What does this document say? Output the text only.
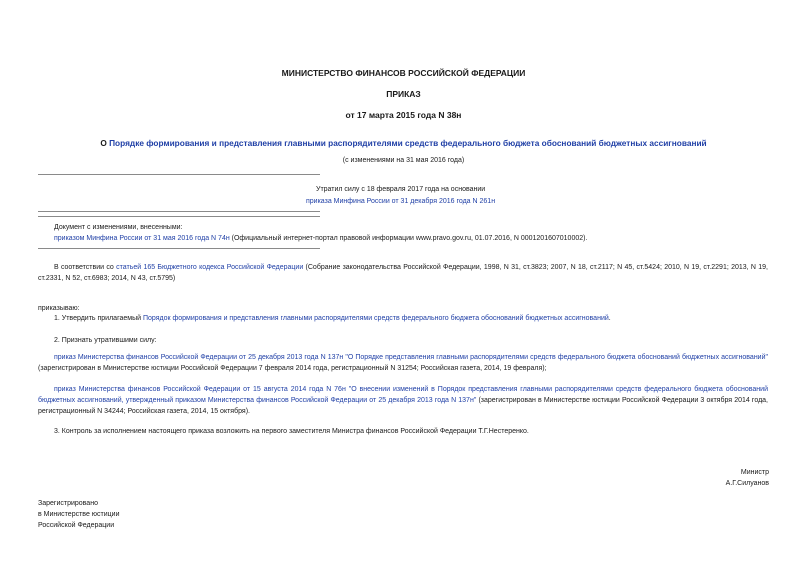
МИНИСТЕРСТВО ФИНАНСОВ РОССИЙСКОЙ ФЕДЕРАЦИИ
ПРИКАЗ
от 17 марта 2015 года N 38н
О Порядке формирования и представления главными распорядителями средств федерального бюджета обоснований бюджетных ассигнований
(с изменениями на 31 мая 2016 года)
Утратил силу с 18 февраля 2017 года на основании
приказа Минфина России от 31 декабря 2016 года N 261н
Документ с изменениями, внесенными:
приказом Минфина России от 31 мая 2016 года N 74н (Официальный интернет-портал правовой информации www.pravo.gov.ru, 01.07.2016, N 0001201607010002).
В соответствии со статьей 165 Бюджетного кодекса Российской Федерации (Собрание законодательства Российской Федерации, 1998, N 31, ст.3823; 2007, N 18, ст.2117; N 45, ст.5424; 2010, N 19, ст.2291; 2013, N 19, ст.2331, N 52, ст.6983; 2014, N 43, ст.5795)
приказываю:
1. Утвердить прилагаемый Порядок формирования и представления главными распорядителями средств федерального бюджета обоснований бюджетных ассигнований.
2. Признать утратившими силу:
приказ Министерства финансов Российской Федерации от 25 декабря 2013 года N 137н "О Порядке представления главными распорядителями средств федерального бюджета обоснований бюджетных ассигнований" (зарегистрирован в Министерстве юстиции Российской Федерации 7 февраля 2014 года, регистрационный N 31254; Российская газета, 2014, 19 февраля);
приказ Министерства финансов Российской Федерации от 15 августа 2014 года N 76н "О внесении изменений в Порядок представления главными распорядителями средств федерального бюджета обоснований бюджетных ассигнований, утвержденный приказом Министерства финансов Российской Федерации от 25 декабря 2013 года N 137н" (зарегистрирован в Министерстве юстиции Российской Федерации 3 октября 2014 года, регистрационный N 34244; Российская газета, 2014, 15 октября).
3. Контроль за исполнением настоящего приказа возложить на первого заместителя Министра финансов Российской Федерации Т.Г.Нестеренко.
Министр
А.Г.Силуанов
Зарегистрировано
в Министерстве юстиции
Российской Федерации
